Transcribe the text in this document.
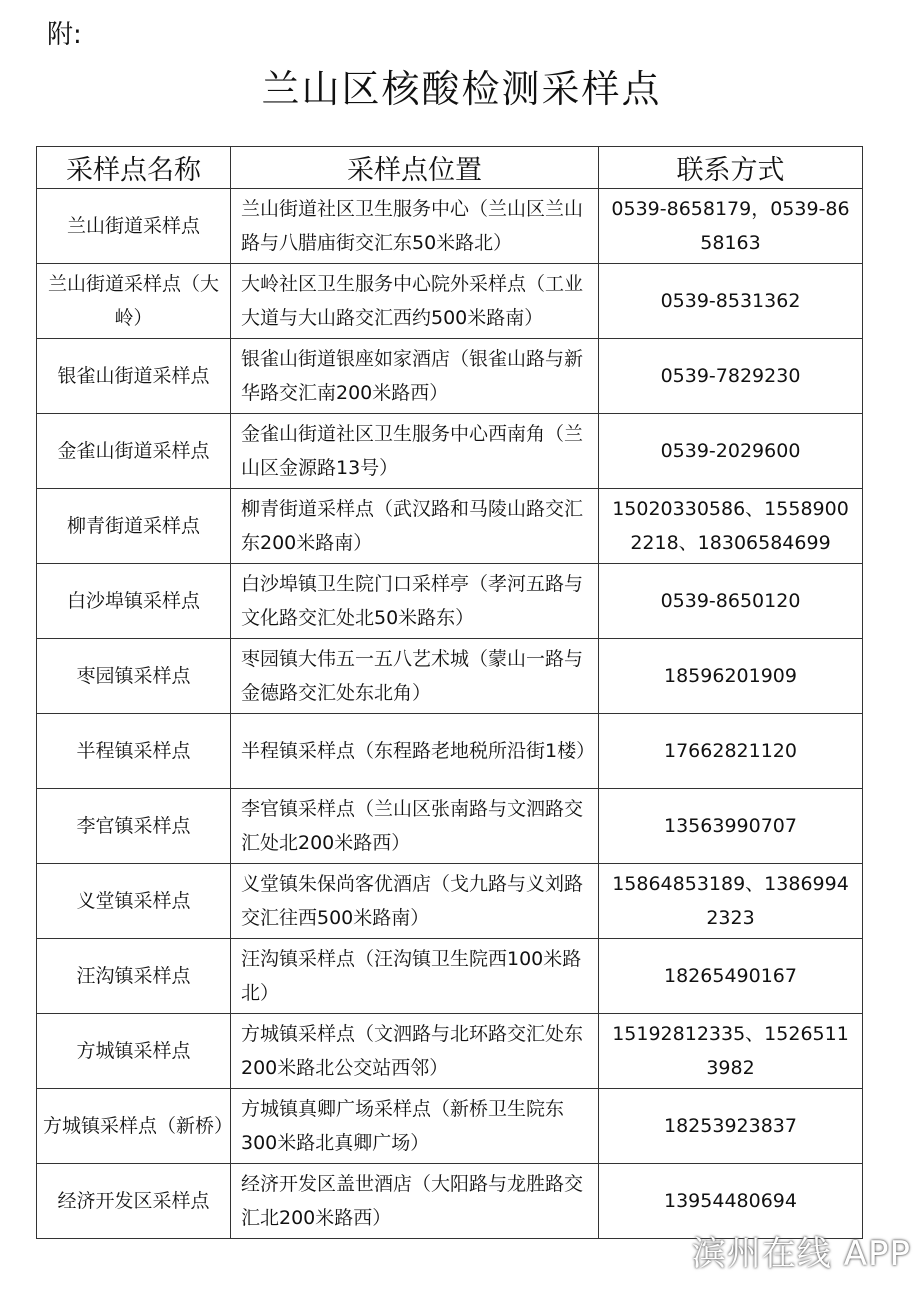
附:
兰山区核酸检测采样点
采样点名称	采样点位置	联系方式
兰山街道采样点	兰山街道社区卫生服务中心（兰山区兰山路与八腊庙街交汇东50米路北）	0539-8658179，0539-8658163
兰山街道采样点（大岭）	大岭社区卫生服务中心院外采样点（工业大道与大山路交汇西约500米路南）	0539-8531362
银雀山街道采样点	银雀山街道银座如家酒店（银雀山路与新华路交汇南200米路西）	0539-7829230
金雀山街道采样点	金雀山街道社区卫生服务中心西南角（兰山区金源路13号）	0539-2029600
柳青街道采样点	柳青街道采样点（武汉路和马陵山路交汇东200米路南）	15020330586、15589002218、18306584699
白沙埠镇采样点	白沙埠镇卫生院门口采样亭（孝河五路与文化路交汇处北50米路东）	0539-8650120
枣园镇采样点	枣园镇大伟五一五八艺术城（蒙山一路与金德路交汇处东北角）	18596201909
半程镇采样点	半程镇采样点（东程路老地税所沿街1楼）	17662821120
李官镇采样点	李官镇采样点（兰山区张南路与文泗路交汇处北200米路西）	13563990707
义堂镇采样点	义堂镇朱保尚客优酒店（戈九路与义刘路交汇往西500米路南）	15864853189、13869942323
汪沟镇采样点	汪沟镇采样点（汪沟镇卫生院西100米路北）	18265490167
方城镇采样点	方城镇采样点（文泗路与北环路交汇处东200米路北公交站西邻）	15192812335、15265113982
方城镇采样点（新桥）	方城镇真卿广场采样点（新桥卫生院东300米路北真卿广场）	18253923837
经济开发区采样点	经济开发区盖世酒店（大阳路与龙胜路交汇北200米路西）	13954480694
滨州在线 APP
